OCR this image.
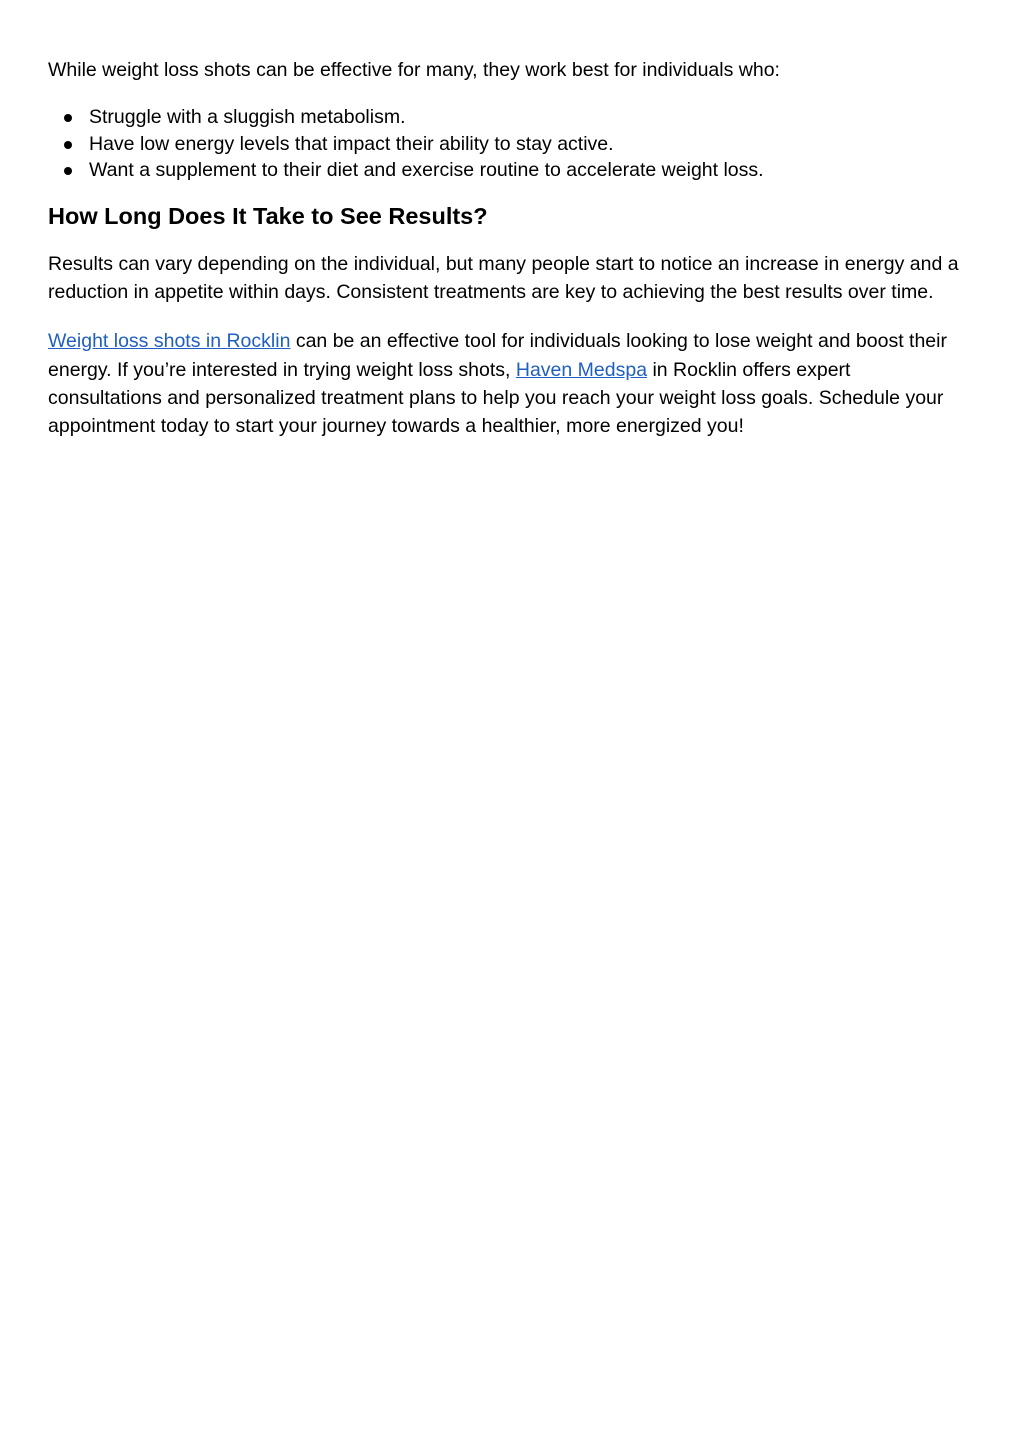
While weight loss shots can be effective for many, they work best for individuals who:

Struggle with a sluggish metabolism.
Have low energy levels that impact their ability to stay active.
Want a supplement to their diet and exercise routine to accelerate weight loss.
How Long Does It Take to See Results?

Results can vary depending on the individual, but many people start to notice an increase in energy and a reduction in appetite within days. Consistent treatments are key to achieving the best results over time.

Weight loss shots in Rocklin can be an effective tool for individuals looking to lose weight and boost their energy. If you’re interested in trying weight loss shots, Haven Medspa in Rocklin offers expert consultations and personalized treatment plans to help you reach your weight loss goals. Schedule your appointment today to start your journey towards a healthier, more energized you!
